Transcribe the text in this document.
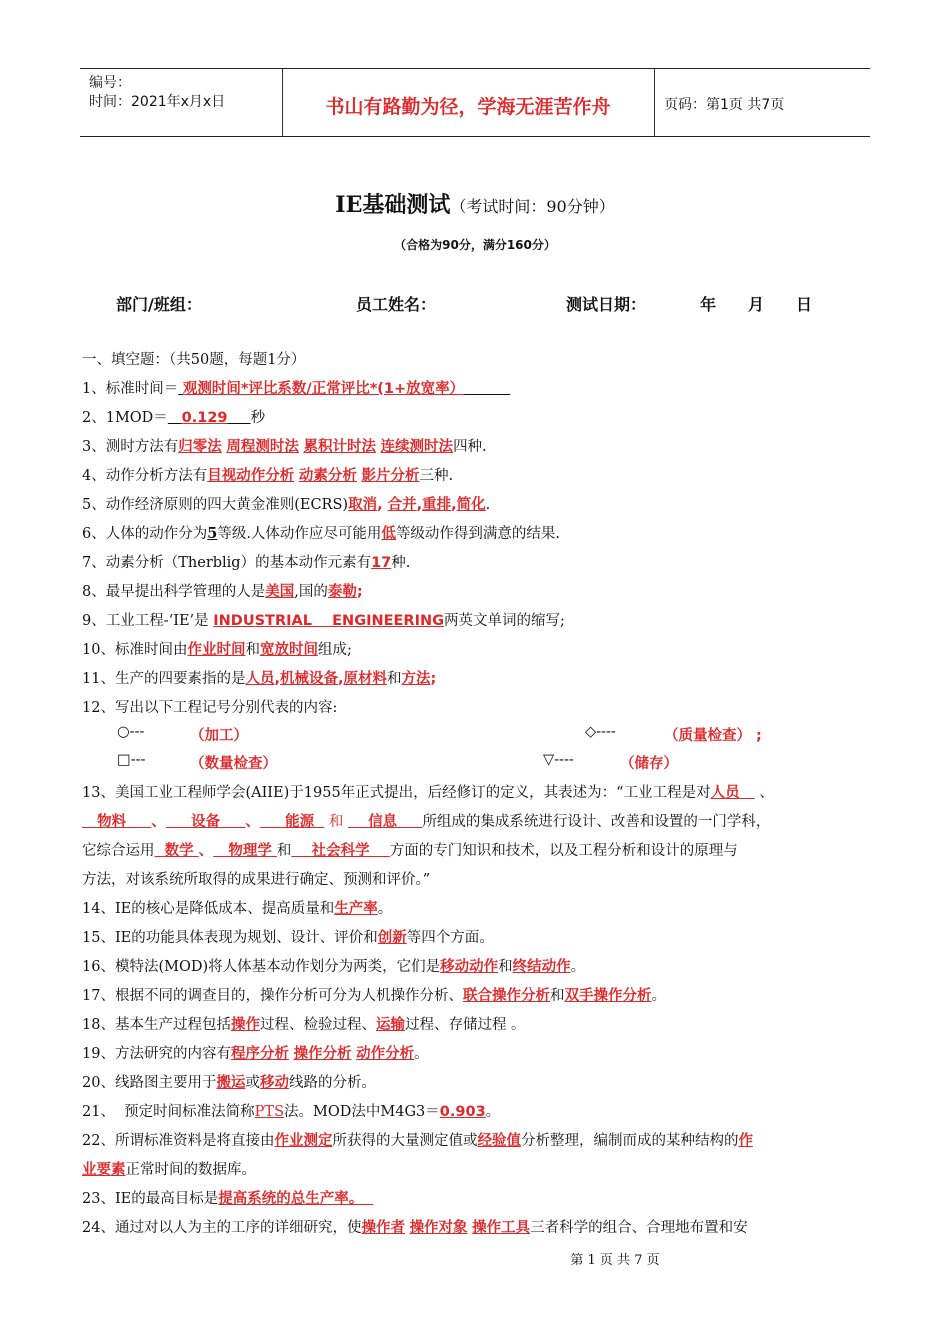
编号：
时间：2021年x月x日	书山有路勤为径，学海无涯苦作舟	页码：第1页 共7页
IE基础测试（考试时间：90分钟）
（合格为90分，满分160分）
部门/班组：	员工姓名：	测试日期：	年 月 日
一、填空题：（共50题，每题1分）
1、标准时间＝ 观测时间*评比系数/正常评比*(1+放宽率）
2、1MOD＝ 0.129 秒
3、测时方法有归零法 周程测时法 累积计时法 连续测时法四种.
4、动作分析方法有目视动作分析 动素分析 影片分析三种.
5、动作经济原则的四大黄金准则(ECRS)取消, 合并,重排,简化.
6、人体的动作分为5等级.人体动作应尽可能用低等级动作得到满意的结果.
7、动素分析（Therblig）的基本动作元素有17种.
8、最早提出科学管理的人是美国,国的泰勒;
9、工业工程-‘IE’是 INDUSTRIAL    ENGINEERING两英文单词的缩写;
10、标准时间由作业时间和宽放时间组成;
11、生产的四要素指的是人员,机械设备,原材料和方法;
12、写出以下工程记号分别代表的内容:
○---	（加工）	◇----	（质量检查） ;
□---	（数量检查）	▽----	（储存）
13、美国工业工程师学会(AIIE)于1955年正式提出，后经修订的定义，其表述为：“工业工程是对人员    、
物料 、 设备 、 能源 和 信息 所组成的集成系统进行设计、改善和设置的一门学科，
它综合运用 数学 、 物理学 和 社会科学 方面的专门知识和技术，以及工程分析和设计的原理与
方法，对该系统所取得的成果进行确定、预测和评价。”
14、IE的核心是降低成本、提高质量和生产率。
15、IE的功能具体表现为规划、设计、评价和创新等四个方面。
16、模特法(MOD)将人体基本动作划分为两类，它们是移动动作和终结动作。
17、根据不同的调查目的，操作分析可分为人机操作分析、联合操作分析和双手操作分析。
18、基本生产过程包括操作过程、检验过程、运输过程、存储过程 。
19、方法研究的内容有程序分析 操作分析 动作分析。
20、线路图主要用于搬运或移动线路的分析。
21、  预定时间标准法简称PTS法。MOD法中M4G3＝0.903。
22、所谓标准资料是将直接由作业测定所获得的大量测定值或经验值分析整理，编制而成的某种结构的作
业要素正常时间的数据库。
23、IE的最高目标是提高系统的总生产率。
24、通过对以人为主的工序的详细研究，使操作者 操作对象 操作工具三者科学的组合、合理地布置和安
第 1 页 共 7 页
